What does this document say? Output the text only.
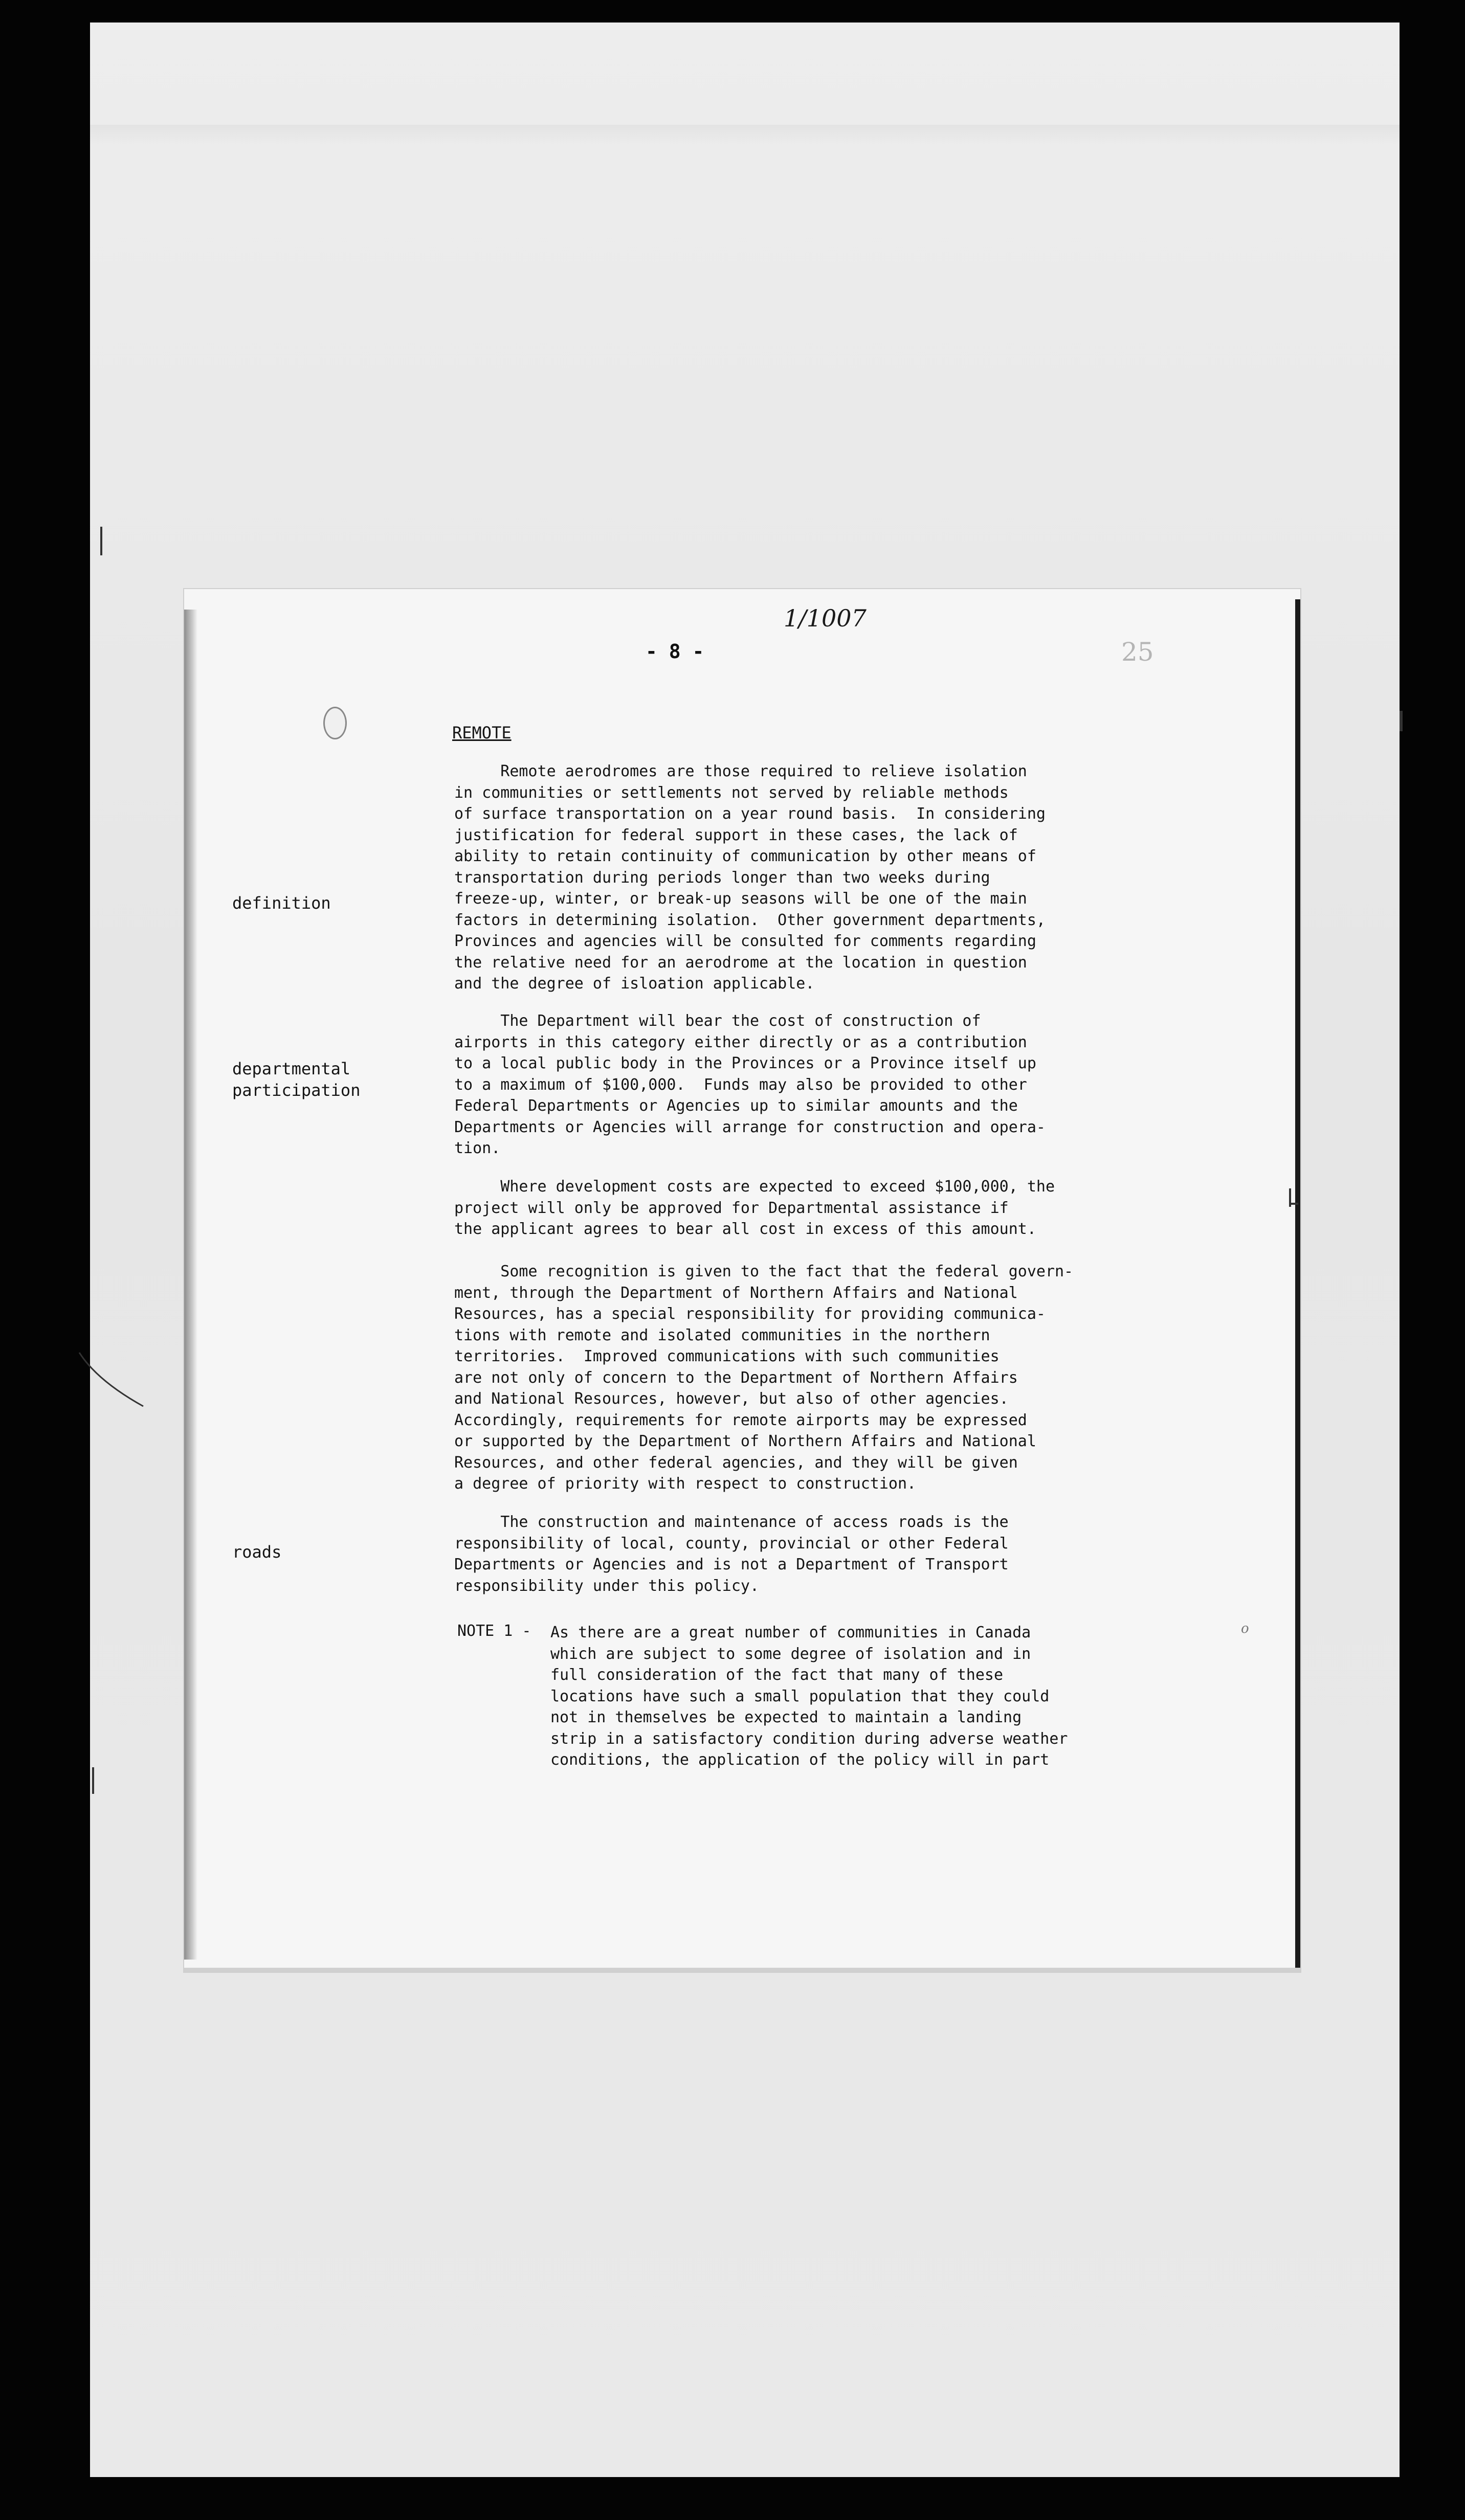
1/1007
- 8 -	25
REMOTE
definition
departmental
participation
roads
Remote aerodromes are those required to relieve isolation
in communities or settlements not served by reliable methods
of surface transportation on a year round basis.  In considering
justification for federal support in these cases, the lack of
ability to retain continuity of communication by other means of
transportation during periods longer than two weeks during
freeze-up, winter, or break-up seasons will be one of the main
factors in determining isolation.  Other government departments,
Provinces and agencies will be consulted for comments regarding
the relative need for an aerodrome at the location in question
and the degree of isloation applicable.
The Department will bear the cost of construction of
airports in this category either directly or as a contribution
to a local public body in the Provinces or a Province itself up
to a maximum of $100,000.  Funds may also be provided to other
Federal Departments or Agencies up to similar amounts and the
Departments or Agencies will arrange for construction and opera-
tion.
Where development costs are expected to exceed $100,000, the
project will only be approved for Departmental assistance if
the applicant agrees to bear all cost in excess of this amount.
Some recognition is given to the fact that the federal govern-
ment, through the Department of Northern Affairs and National
Resources, has a special responsibility for providing communica-
tions with remote and isolated communities in the northern
territories.  Improved communications with such communities
are not only of concern to the Department of Northern Affairs
and National Resources, however, but also of other agencies.
Accordingly, requirements for remote airports may be expressed
or supported by the Department of Northern Affairs and National
Resources, and other federal agencies, and they will be given
a degree of priority with respect to construction.
The construction and maintenance of access roads is the
responsibility of local, county, provincial or other Federal
Departments or Agencies and is not a Department of Transport
responsibility under this policy.
NOTE 1 - As there are a great number of communities in Canada
which are subject to some degree of isolation and in
full consideration of the fact that many of these
locations have such a small population that they could
not in themselves be expected to maintain a landing
strip in a satisfactory condition during adverse weather
conditions, the application of the policy will in part
o
